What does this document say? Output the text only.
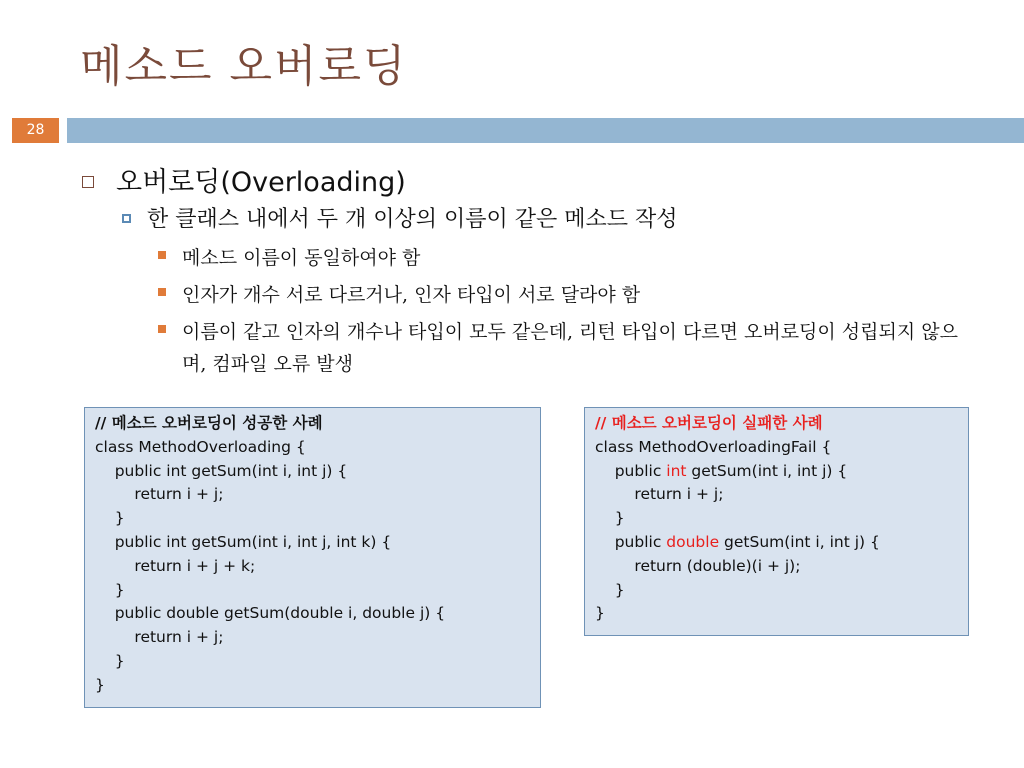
메소드 오버로딩
28
오버로딩(Overloading)
한 클래스 내에서 두 개 이상의 이름이 같은 메소드 작성
메소드 이름이 동일하여야 함
인자가 개수 서로 다르거나, 인자 타입이 서로 달라야 함
이름이 같고 인자의 개수나 타입이 모두 같은데, 리턴 타입이 다르면 오버로딩이 성립되지 않으며, 컴파일 오류 발생
// 메소드 오버로딩이 성공한 사례
class MethodOverloading {
public int getSum(int i, int j) {
return i + j;
}
public int getSum(int i, int j, int k) {
return i + j + k;
}
public double getSum(double i, double j) {
return i + j;
}
}
// 메소드 오버로딩이 실패한 사례
class MethodOverloadingFail {
public int getSum(int i, int j) {
return i + j;
}
public double getSum(int i, int j) {
return (double)(i + j);
}
}
